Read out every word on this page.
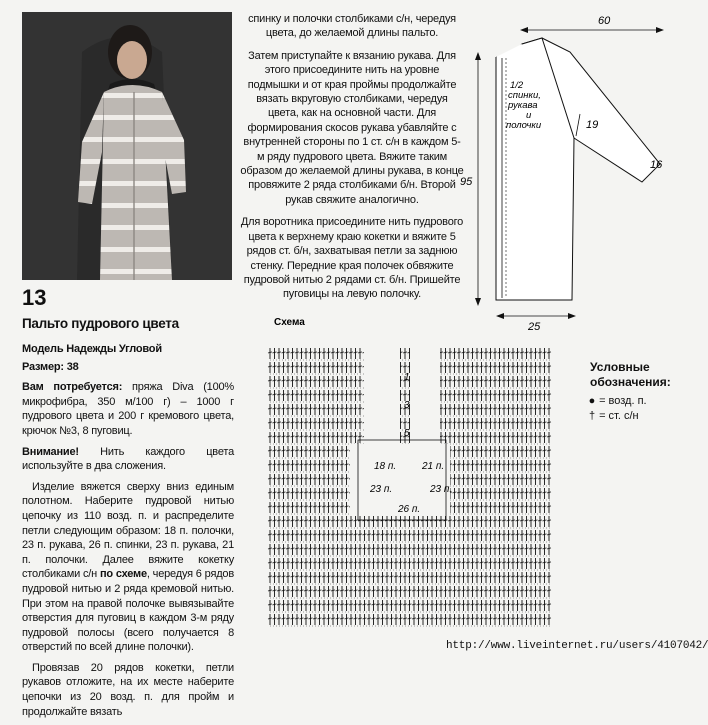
13
Пальто пудрового цвета
Модель Надежды Угловой
Размер: 38

Вам потребуется: пряжа Diva (100% микрофибра, 350 м/100 г) – 1000 г пудрового цвета и 200 г кремового цвета, крючок №3, 8 пуговиц.

Внимание! Нить каждого цвета используйте в два сложения.

Изделие вяжется сверху вниз единым полотном. Наберите пудровой нитью цепочку из 110 возд. п. и распределите петли следующим образом: 18 п. полочки, 23 п. рукава, 26 п. спинки, 23 п. рукава, 21 п. полочки. Далее вяжите кокетку столбиками с/н по схеме, чередуя 6 рядов пудровой нитью и 2 ряда кремовой нитью. При этом на правой полочке вывязывайте отверстия для пуговиц в каждом 3-м ряду пудровой полосы (всего получается 8 отверстий по всей длине полочки).

Провязав 20 рядов кокетки, петли рукавов отложите, на их месте наберите цепочки из 20 возд. п. для пройм и продолжайте вязать

спинку и полочки столбиками с/н, чередуя цвета, до желаемой длины пальто.

Затем приступайте к вязанию рукава. Для этого присоедините нить на уровне подмышки и от края проймы продолжайте вязать вкруговую столбиками, чередуя цвета, как на основной части. Для формирования скосов рукава убавляйте с внутренней стороны по 1 ст. с/н в каждом 5-м ряду пудрового цвета. Вяжите таким образом до желаемой длины рукава, в конце провяжите 2 ряда столбиками б/н. Второй рукав свяжите аналогично.

Для воротника присоедините нить пудрового цвета к верхнему краю кокетки и вяжите 5 рядов ст. б/н, захватывая петли за заднюю стенку. Передние края полочек обвяжите пудровой нитью 2 рядами ст. б/н. Пришейте пуговицы на левую полочку.

60
95
25
19
16
1/2
спинки,
рукава
и
полочки
Схема
18 п.	21 п.
23 п.	23 п.
26 п.
1
3
5
Условные
обозначения:
● = возд. п.
† = ст. с/н
http://www.liveinternet.ru/users/4107042/
